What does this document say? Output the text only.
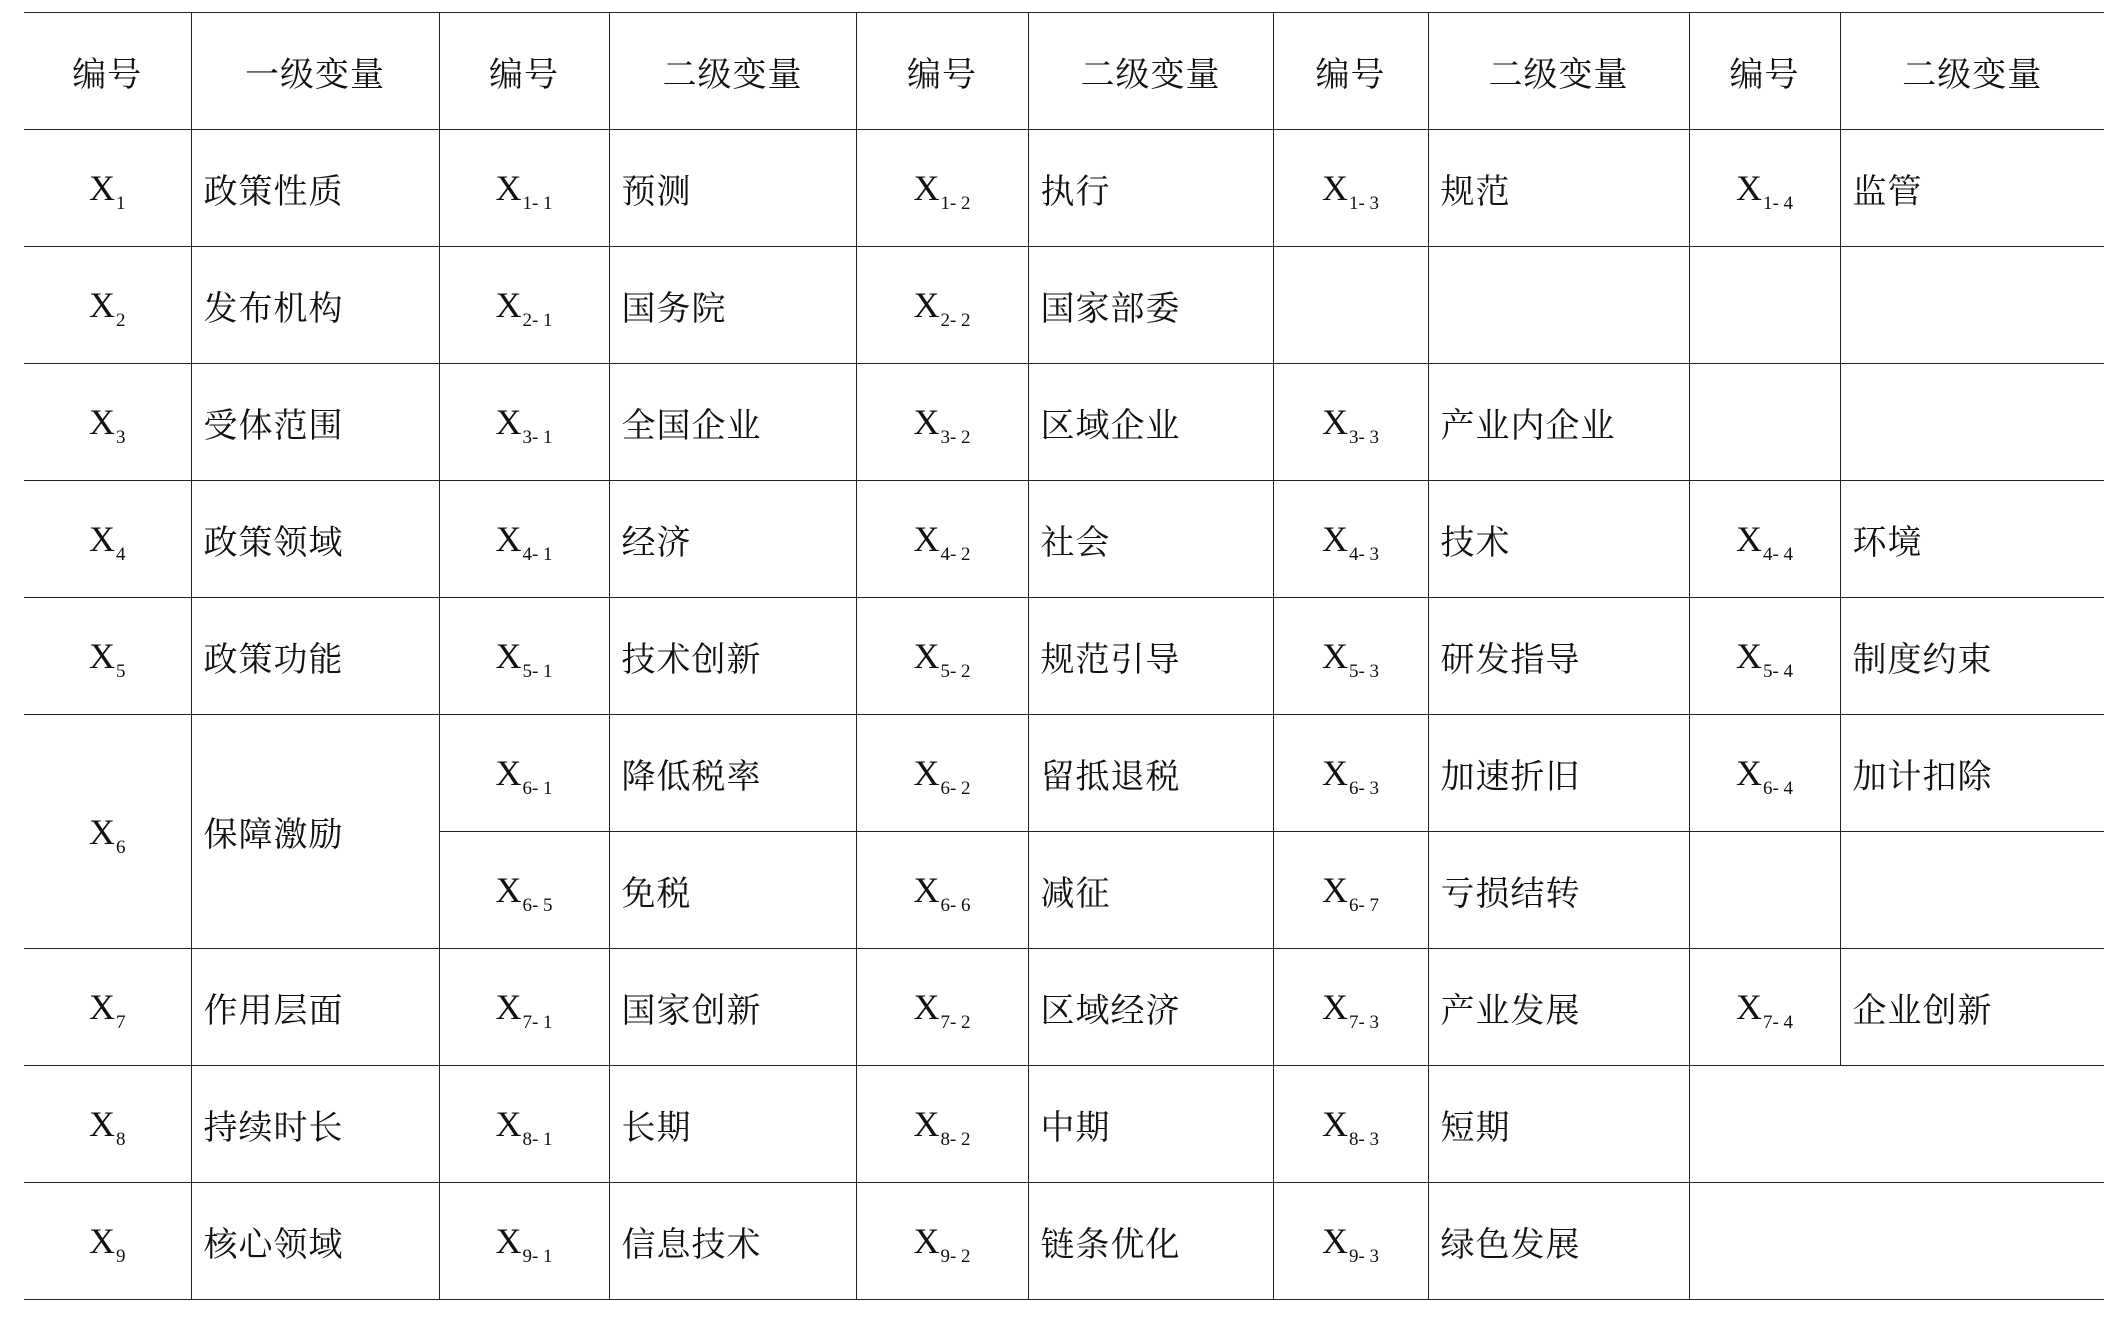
编号	一级变量	编号	二级变量	编号	二级变量	编号	二级变量	编号	二级变量
$X_1$	政策性质	$X_{1- 1}$	预测	$X_{1- 2}$	执行	$X_{1- 3}$	规范	$X_{1- 4}$	监管
$X_2$	发布机构	$X_{2- 1}$	国务院	$X_{2- 2}$	国家部委				
$X_3$	受体范围	$X_{3- 1}$	全国企业	$X_{3- 2}$	区域企业	$X_{3- 3}$	产业内企业		
$X_4$	政策领域	$X_{4- 1}$	经济	$X_{4- 2}$	社会	$X_{4- 3}$	技术	$X_{4- 4}$	环境
$X_5$	政策功能	$X_{5- 1}$	技术创新	$X_{5- 2}$	规范引导	$X_{5- 3}$	研发指导	$X_{5- 4}$	制度约束
$X_6$	保障激励	$X_{6- 1}$	降低税率	$X_{6- 2}$	留抵退税	$X_{6- 3}$	加速折旧	$X_{6- 4}$	加计扣除
		$X_{6- 5}$	免税	$X_{6- 6}$	减征	$X_{6- 7}$	亏损结转		
$X_7$	作用层面	$X_{7- 1}$	国家创新	$X_{7- 2}$	区域经济	$X_{7- 3}$	产业发展	$X_{7- 4}$	企业创新
$X_8$	持续时长	$X_{8- 1}$	长期	$X_{8- 2}$	中期	$X_{8- 3}$	短期		
$X_9$	核心领域	$X_{9- 1}$	信息技术	$X_{9- 2}$	链条优化	$X_{9- 3}$	绿色发展		
